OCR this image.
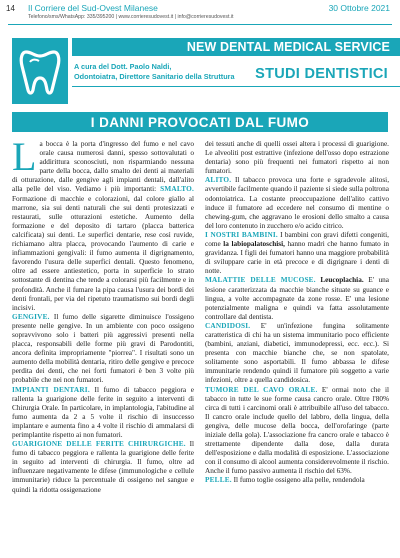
14 Il Corriere del Sud-Ovest Milanese
Telefono/sms/WhatsApp: 335/395200 | www.corrieresudovest.it | info@corrieresudovest.it
30 Ottobre 2021
NEW DENTAL MEDICAL SERVICE
A cura del Dott. Paolo Naldi,
Odontoiatra, Direttore Sanitario della Struttura	STUDI DENTISTICI
I DANNI PROVOCATI DAL FUMO

La bocca è la porta d'ingresso del fumo e nel cavo orale causa numerosi danni, spesso sottovalutati o addirittura sconosciuti, non risparmiando nessuna parte della bocca, dallo smalto dei denti ai materiali di otturazione, dalle gengive agli impianti dentali, dall'alito alla pelle del viso. Vediamo i più importanti: SMALTO. Formazione di macchie e colorazioni, dal colore giallo al marrone, sia sui denti naturali che sui denti protesizzati e restaurati, sulle otturazioni estetiche. Aumento della formazione e del deposito di tartaro (placca batterica calcificata) sui denti. Le superfici dentarie, rese così ruvide, richiamano altra placca, provocando l'aumento di carie e infiammazioni gengivali: il fumo aumenta il digrignamento, favorendo l'usura delle superfici dentali. Questo fenomeno, oltre ad essere antiestetico, porta in superficie lo strato sottostante di dentina che tende a colorarsi più facilmente e in profondità. Anche il fumare la pipa causa l'usura dei bordi dei denti frontali, per via del ripetuto traumatismo sui bordi degli incisivi.

GENGIVE. Il fumo delle sigarette diminuisce l'ossigeno presente nelle gengive. In un ambiente con poco ossigeno sopravvivono solo i batteri più aggressivi presenti nella placca, responsabili delle forme più gravi di Parodontiti, ancora definita impropriamente "piorrea". I risultati sono un aumento della mobilità dentaria, ritiro delle gengive e precoce perdita dei denti, che nei forti fumatori è ben 3 volte più probabile che nei non fumatori.

IMPIANTI DENTARI. Il fumo di tabacco peggiora e rallenta la guarigione delle ferite in seguito a interventi di Chirurgia Orale. In particolare, in implantologia, l'abitudine al fumo aumenta da 2 a 5 volte il rischio di insuccesso implantare e aumenta fino a 4 volte il rischio di ammalarsi di perimplantite rispetto ai non fumatori.

GUARIGIONE DELLE FERITE CHIRURGICHE. Il fumo di tabacco peggiora e rallenta la guarigione delle ferite in seguito ad interventi di chirurgia. Il fumo, oltre ad influenzare negativamente le difese (immunologiche e cellule immunitarie) riduce la percentuale di ossigeno nel sangue e quindi la ridotta ossigenazione

dei tessuti anche di quelli ossei altera i processi di guarigione. Le alveoliti post estrattive (infezione dell'osso dopo estrazione dentaria) sono più frequenti nei fumatori rispetto ai non fumatori.

ALITO. Il tabacco provoca una forte e sgradevole alitosi, avvertibile facilmente quando il paziente si siede sulla poltrona odontoiatrica. La costante preoccupazione dell'alito cattivo induce il fumatore ad eccedere nel consumo di mentine o chewing-gum, che aggravano le erosioni dello smalto a causa del loro contenuto in zucchero e/o acido citrico.

I NOSTRI BAMBINI. I bambini con gravi difetti congeniti, come la labiopalatoschisi, hanno madri che hanno fumato in gravidanza. I figli dei fumatori hanno una maggiore probabilità di sviluppare carie in età precoce e di digrignare i denti di notte.

MALATTIE DELLE MUCOSE. Leucoplachia. E' una lesione caratterizzata da macchie bianche situate su guance e lingua, a volte accompagnate da zone rosse. E' una lesione potenzialmente maligna e quindi va fatta assolutamente controllare dal dentista.

CANDIDOSI. E' un'infezione fungina solitamente caratteristica di chi ha un sistema immunitario poco efficiente (bambini, anziani, diabetici, immunodepressi, ecc. ecc.). Si presenta con macchie bianche che, se non spatolate, solitamente sono asportabili. Il fumo abbassa le difese immunitarie rendendo quindi il fumatore più soggetto a varie infezioni, oltre a quella candidosica.

TUMORE DEL CAVO ORALE. E' ormai noto che il tabacco in tutte le sue forme causa cancro orale. Oltre l'80% circa di tutti i carcinomi orali è attribuibile all'uso del tabacco. Il cancro orale include quello del labbro, della lingua, della gengiva, delle mucose della bocca, dell'orofaringe (parte iniziale della gola). L'associazione fra cancro orale e tabacco è strettamente dipendente dalla dose, dalla durata dell'esposizione e dalla modalità di esposizione. L'associazione con il consumo di alcool aumenta considerevolmente il rischio. Anche il fumo passivo aumenta il rischio del 63%.

PELLE. Il fumo toglie ossigeno alla pelle, rendendola
